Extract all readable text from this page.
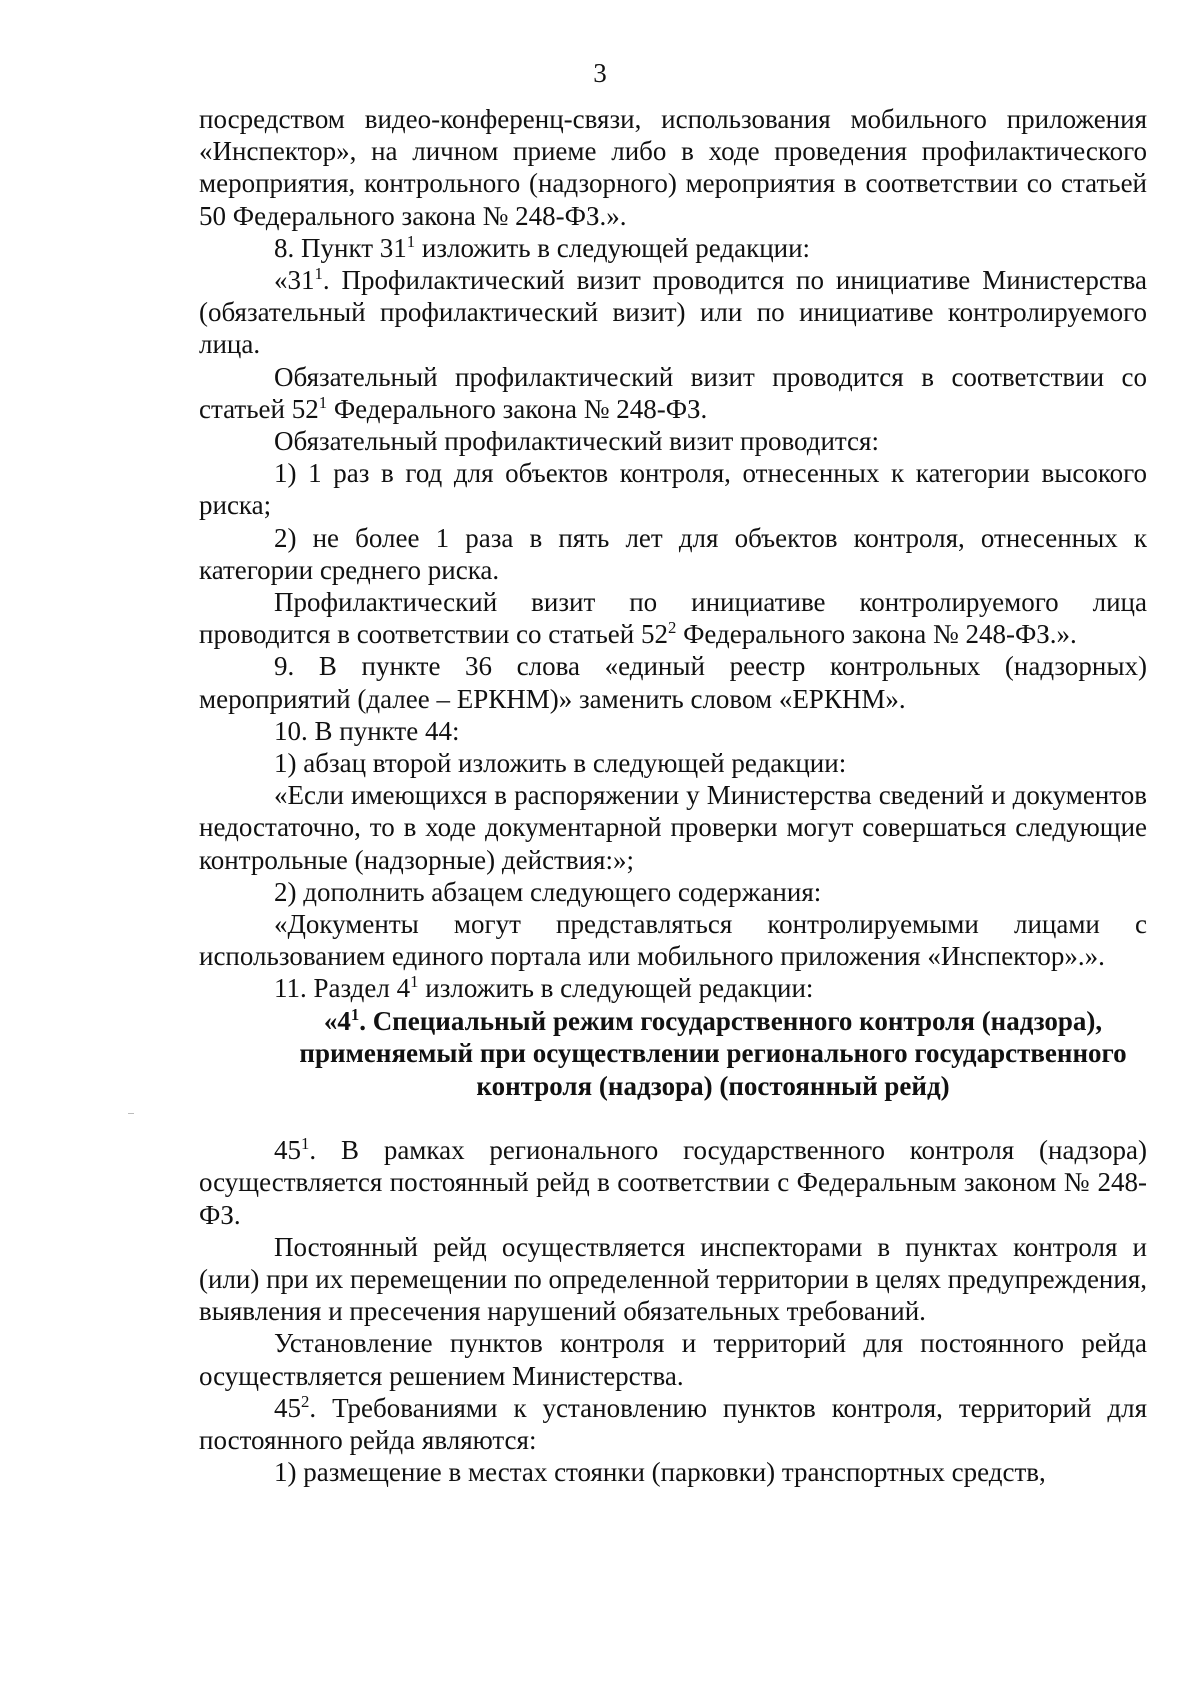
3

посредством видео-конференц-связи, использования мобильного приложения «Инспектор», на личном приеме либо в ходе проведения профилактического мероприятия, контрольного (надзорного) мероприятия в соответствии со статьей 50 Федерального закона № 248-ФЗ.».

8. Пункт $31^1$ изложить в следующей редакции:

«$31^1$. Профилактический визит проводится по инициативе Министерства (обязательный профилактический визит) или по инициативе контролируемого лица.

Обязательный профилактический визит проводится в соответствии со статьей $52^1$ Федерального закона № 248-ФЗ.

Обязательный профилактический визит проводится:

1) 1 раз в год для объектов контроля, отнесенных к категории высокого риска;

2) не более 1 раза в пять лет для объектов контроля, отнесенных к категории среднего риска.

Профилактический визит по инициативе контролируемого лица проводится в соответствии со статьей $52^2$ Федерального закона № 248-ФЗ.».

9. В пункте 36 слова «единый реестр контрольных (надзорных) мероприятий (далее – ЕРКНМ)» заменить словом «ЕРКНМ».

10. В пункте 44:

1) абзац второй изложить в следующей редакции:

«Если имеющихся в распоряжении у Министерства сведений и документов недостаточно, то в ходе документарной проверки могут совершаться следующие контрольные (надзорные) действия:»;

2) дополнить абзацем следующего содержания:

«Документы могут представляться контролируемыми лицами с использованием единого портала или мобильного приложения «Инспектор».».

11. Раздел $4^1$ изложить в следующей редакции:

«$4^1$. Специальный режим государственного контроля (надзора), применяемый при осуществлении регионального государственного контроля (надзора) (постоянный рейд)

$45^1$. В рамках регионального государственного контроля (надзора) осуществляется постоянный рейд в соответствии с Федеральным законом № 248-ФЗ.

Постоянный рейд осуществляется инспекторами в пунктах контроля и (или) при их перемещении по определенной территории в целях предупреждения, выявления и пресечения нарушений обязательных требований.

Установление пунктов контроля и территорий для постоянного рейда осуществляется решением Министерства.

$45^2$. Требованиями к установлению пунктов контроля, территорий для постоянного рейда являются:

1) размещение в местах стоянки (парковки) транспортных средств,
